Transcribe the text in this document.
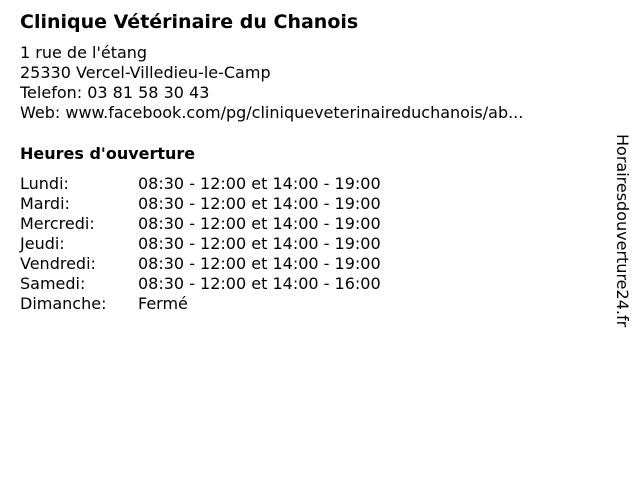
Clinique Vétérinaire du Chanois
1 rue de l'étang
25330 Vercel-Villedieu-le-Camp
Telefon: 03 81 58 30 43
Web: www.facebook.com/pg/cliniqueveterinaireduchanois/ab...
Heures d'ouverture
Lundi:	08:30 - 12:00 et 14:00 - 19:00
Mardi:	08:30 - 12:00 et 14:00 - 19:00
Mercredi:	08:30 - 12:00 et 14:00 - 19:00
Jeudi:	08:30 - 12:00 et 14:00 - 19:00
Vendredi:	08:30 - 12:00 et 14:00 - 19:00
Samedi:	08:30 - 12:00 et 14:00 - 16:00
Dimanche:	Fermé	Horairesdouverture24.fr
